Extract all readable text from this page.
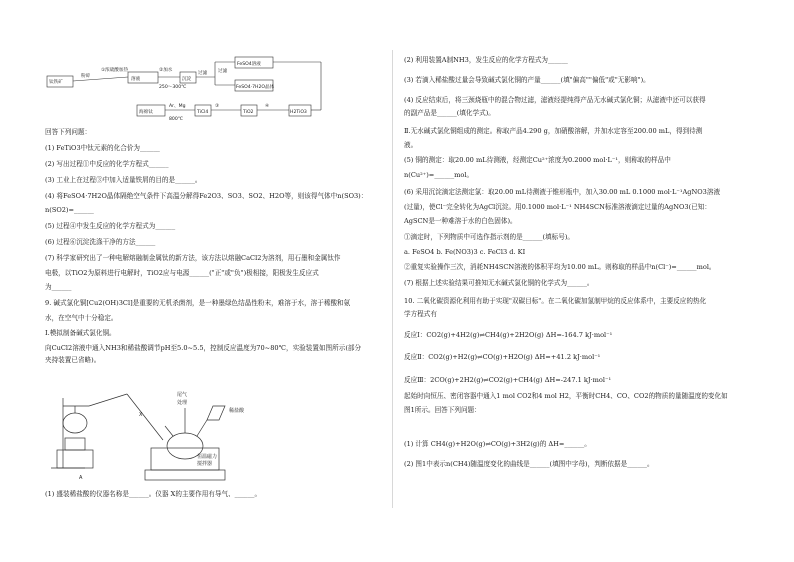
钛铁矿
粉碎
①浓硫酸加热
溶液
②加水
250～300℃
过滤
沉淀
过滤
FeSO4溶液
FeSO4·7H2O晶体
H2TiO3
TiO2
TiCl4
Ar、Mg
800℃
海绵钛
③	④
回答下列问题：
(1) FeTiO3中钛元素的化合价为______
(2) 写出过程①中反应的化学方程式______
(3) 工业上在过程③中加入适量铁屑的目的是______。
(4) 将FeSO4·7H2O晶体隔绝空气条件下高温分解得Fe2O3、SO3、SO2、H2O等，则该得气体中n(SO3)：
n(SO2)=______
(5) 过程④中发生反应的化学方程式为______
(6) 过程⑥沉淀洗涤干净的方法______
(7) 科学家研究出了一种电解熔融制金属钛的新方法，该方法以熔融CaCl2为溶剂，用石墨和金属钛作
电极，以TiO2为原料进行电解时，TiO2应与电源______("正"或"负")极相接，阳极发生反应式
为______
9. 碱式氯化铜[Cu2(OH)3Cl]是重要的无机杀菌剂，是一种墨绿色结晶性粉末，难溶于水，溶于稀酸和氨
水，在空气中十分稳定。
Ⅰ.模拟制备碱式氯化铜。
向CuCl2溶液中通入NH3和稀盐酸调节pH至5.0~5.5，控制反应温度为70~80℃，实验装置如图所示(部分
夹持装置已省略)。
尾气
处理
稀盐酸
X
恒温磁力
搅拌器
A
(1) 盛装稀盐酸的仪器名称是______。仪器 X的主要作用有导气、______。
(2) 利用装置A制NH3，发生反应的化学方程式为______
(3) 若滴入稀盐酸过量会导致碱式氯化铜的产量______(填"偏高""偏低"或"无影响")。
(4) 反应结束后，将三颈烧瓶中的混合物过滤，滤液经提纯得产品无水碱式氯化铜；从滤液中还可以获得
的副产品是______(填化学式)。
Ⅱ.无水碱式氯化铜组成的测定。称取产品4.290 g，加硝酸溶解，并加水定容至200.00 mL，得到待测
液。
(5) 铜的测定：取20.00 mL待测液，经测定Cu²⁺浓度为0.2000 mol·L⁻¹，则称取的样品中
n(Cu²⁺)=______mol。
(6) 采用沉淀滴定法测定氯：取20.00 mL待测液于锥形瓶中，加入30.00 mL 0.1000 mol·L⁻¹AgNO3溶液
(过量)，使Cl⁻完全转化为AgCl沉淀。用0.1000 mol·L⁻¹ NH4SCN标准溶液滴定过量的AgNO3(已知：
AgSCN是一种难溶于水的白色固体)。
①滴定时，下列物质中可选作指示剂的是______(填标号)。
a. FeSO4 b. Fe(NO3)3 c. FeCl3 d. KI
②重复实验操作三次，消耗NH4SCN溶液的体积平均为10.00 mL。则称取的样品中n(Cl⁻)=______mol。
(7) 根据上述实验结果可推知无水碱式氯化铜的化学式为______。
10. 二氧化碳资源化利用有助于实现"双碳目标"。在二氧化碳加氢制甲烷的反应体系中，主要反应的热化
学方程式有
反应Ⅰ：CO2(g)+4H2(g)⇌CH4(g)+2H2O(g) ΔH=-164.7 kJ·mol⁻¹
反应Ⅱ：CO2(g)+H2(g)⇌CO(g)+H2O(g) ΔH=+41.2 kJ·mol⁻¹
反应Ⅲ：2CO(g)+2H2(g)⇌CO2(g)+CH4(g) ΔH=-247.1 kJ·mol⁻¹
起始时向恒压、密闭容器中通入1 mol CO2和4 mol H2，平衡时CH4、CO、CO2的物质的量随温度的变化如
图1所示。回答下列问题：
(1) 计算 CH4(g)+H2O(g)⇌CO(g)+3H2(g)的 ΔH=______。
(2) 图1中表示n(CH4)随温度变化的曲线是______(填图中字母)，判断依据是______。
